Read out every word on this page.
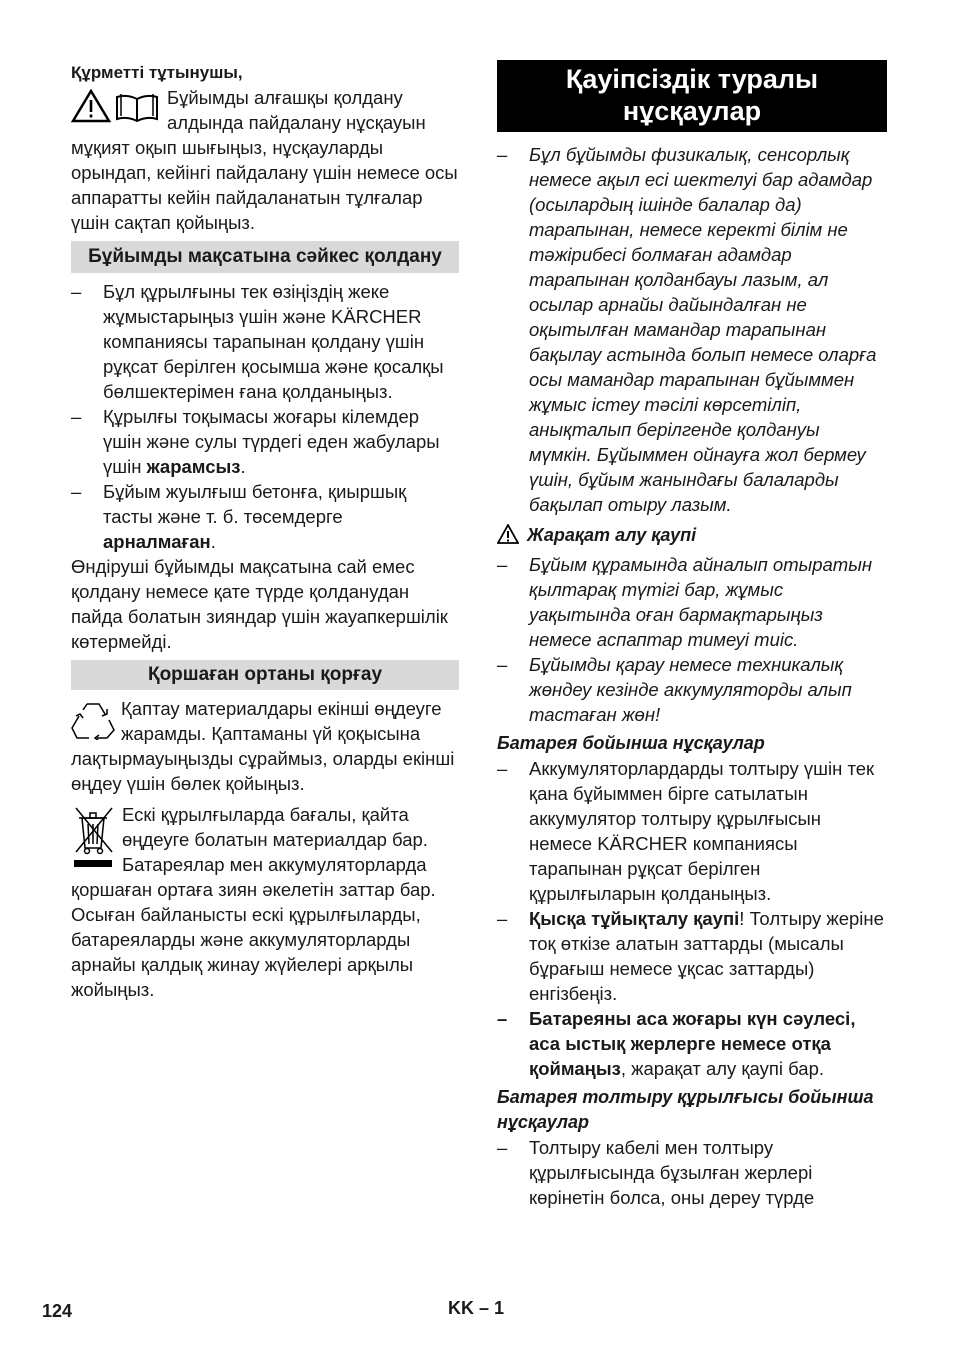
Құрметті тұтынушы,

Бұйымды алғашқы қолдану алдында пайдалану нұсқауын мұқият оқып шығыңыз, нұсқауларды орындап, кейінгі пайдалану үшін немесе осы аппаратты кейін пайдаланатын тұлғалар үшін сақтап қойыңыз.

Бұйымды мақсатына сәйкес қолдану
– Бұл құрылғыны тек өзіңіздің жеке жұмыстарыңыз үшін және KÄRCHER компаниясы тарапынан қолдану үшін рұқсат берілген қосымша және қосалқы бөлшектерімен ғана қолданыңыз.
– Құрылғы тоқымасы жоғары кілемдер үшін және сулы түрдегі еден жабулары үшін жарамсыз.
– Бұйым жуылғыш бетонға, қиыршық тасты және т. б. төсемдерге арналмаған.

Өндіруші бұйымды мақсатына сай емес қолдану немесе қате түрде қолданудан пайда болатын зияндар үшін жауапкершілік көтермейді.

Қоршаған ортаны қорғау

Қаптау материалдары екінші өңдеуге жарамды. Қаптаманы үй қоқысына лақтырмауыңызды сұраймыз, оларды екінші өңдеу үшін бөлек қойыңыз.

Ескі құрылғыларда бағалы, қайта өңдеуге болатын материалдар бар. Батареялар мен аккумуляторларда қоршаған ортаға зиян әкелетін заттар бар. Осыған байланысты ескі құрылғыларды, батареяларды және аккумуляторларды арнайы қалдық жинау жүйелері арқылы жойыңыз.

Қауіпсіздік туралы нұсқаулар
– Бұл бұйымды физикалық, сенсорлық немесе ақыл есі шектелуі бар адамдар (осылардың ішінде балалар да) тарапынан, немесе керекті білім не тәжірибесі болмаған адамдар тарапынан қолданбауы лазым, ал осылар арнайы дайындалған не оқытылған мамандар тарапынан бақылау астында болып немесе оларға осы мамандар тарапынан бұйыммен жұмыс істеу тәсілі көрсетіліп, анықталып берілгенде қолдануы мүмкін. Бұйыммен ойнауға жол бермеу үшін, бұйым жанындағы балаларды бақылап отыру лазым.

Жарақат алу қаупі

– Бұйым құрамында айналып отыратын қылтарақ түтігі бар, жұмыс уақытында оған бармақтарыңыз немесе аспаптар тимеуі тиіс.
– Бұйымды қарау немесе техникалық жөндеу кезінде аккумуляторды алып тастаған жөн!

Батарея бойынша нұсқаулар

– Аккумуляторлардарды толтыру үшін тек қана бұйыммен бірге сатылатын аккумулятор толтыру құрылғысын немесе KÄRCHER компаниясы тарапынан рұқсат берілген құрылғыларын қолданыңыз.
– Қысқа тұйықталу қаупі! Толтыру жеріне тоқ өткізе алатын заттарды (мысалы бұрағыш немесе ұқсас заттарды) енгізбеңіз.
– Батареяны аса жоғары күн сәулесі, аса ыстық жерлерге немесе отқа қоймаңыз, жарақат алу қаупі бар.

Батарея толтыру құрылғысы бойынша нұсқаулар

– Толтыру кабелі мен толтыру құрылғысында бұзылған жерлері көрінетін болса, оны дереу түрде
124	KK – 1
